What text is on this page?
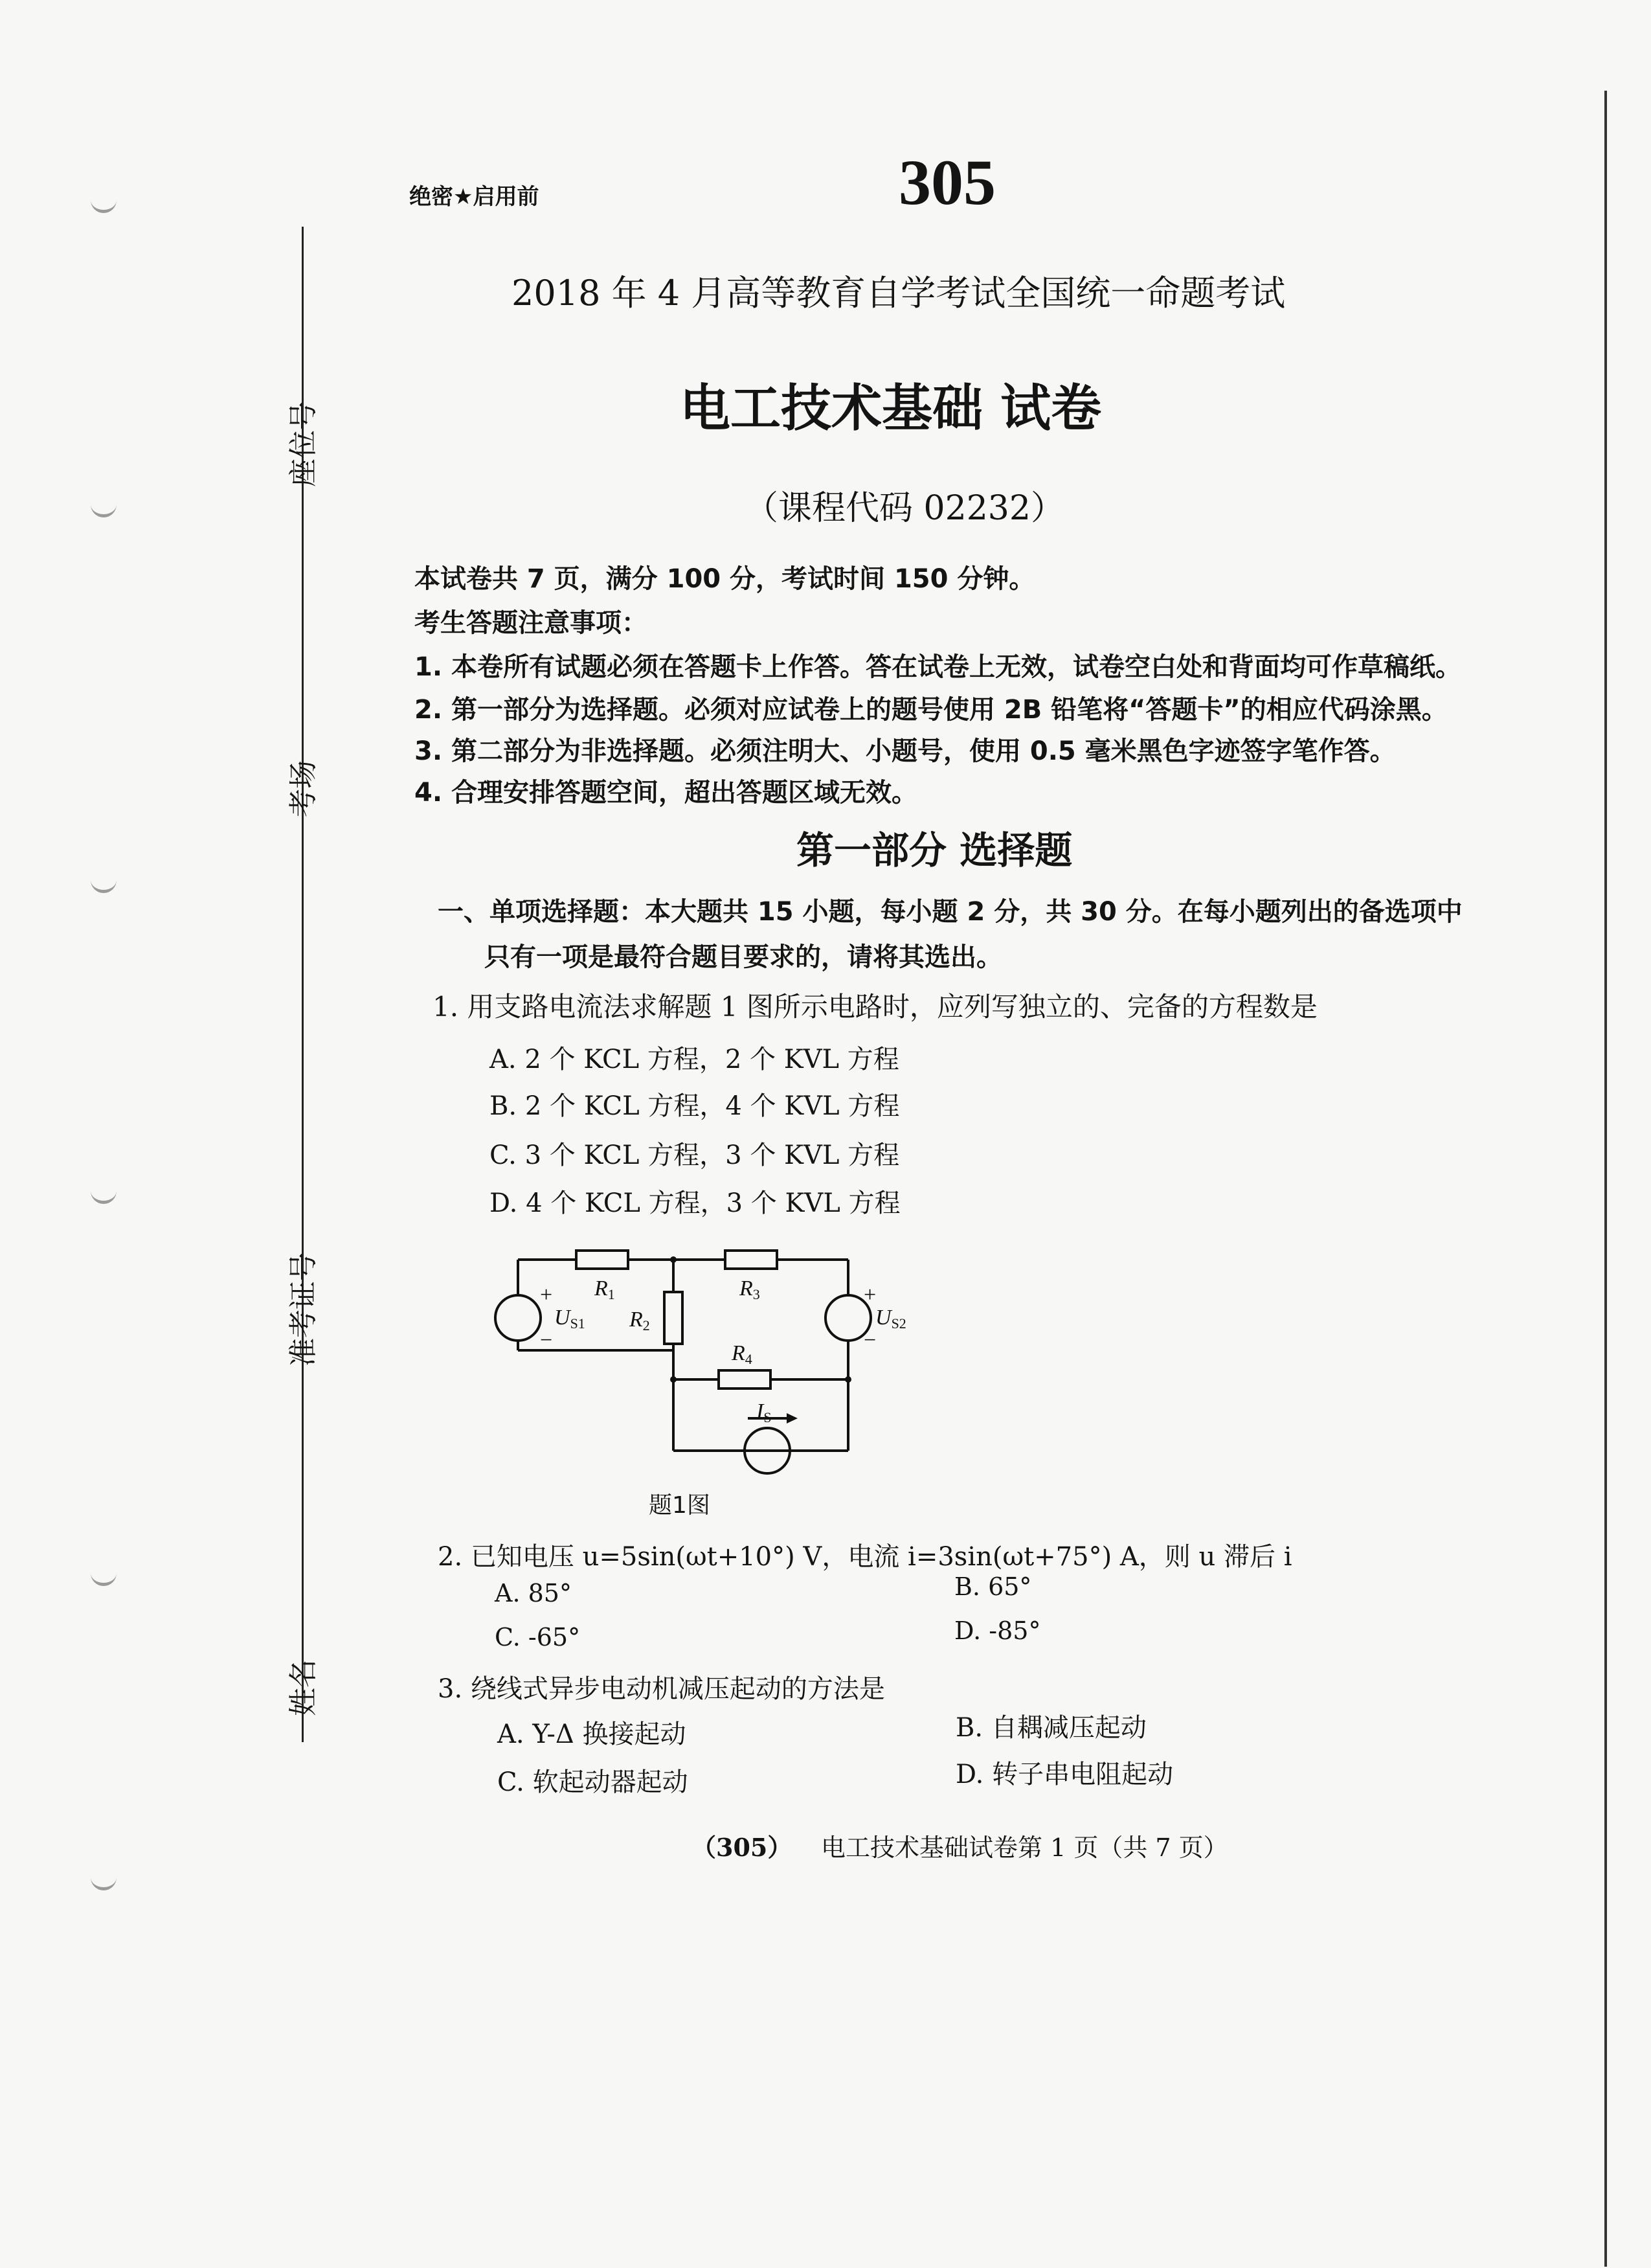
座位号
考场
准考证号
姓名
绝密★启用前	305
2018 年 4 月高等教育自学考试全国统一命题考试
电工技术基础 试卷
（课程代码 02232）
本试卷共 7 页，满分 100 分，考试时间 150 分钟。
考生答题注意事项：
1. 本卷所有试题必须在答题卡上作答。答在试卷上无效，试卷空白处和背面均可作草稿纸。
2. 第一部分为选择题。必须对应试卷上的题号使用 2B 铅笔将“答题卡”的相应代码涂黑。
3. 第二部分为非选择题。必须注明大、小题号，使用 0.5 毫米黑色字迹签字笔作答。
4. 合理安排答题空间，超出答题区域无效。
第一部分 选择题
一、单项选择题：本大题共 15 小题，每小题 2 分，共 30 分。在每小题列出的备选项中
只有一项是最符合题目要求的，请将其选出。
1. 用支路电流法求解题 1 图所示电路时，应列写独立的、完备的方程数是
A. 2 个 KCL 方程，2 个 KVL 方程
B. 2 个 KCL 方程，4 个 KVL 方程
C. 3 个 KCL 方程，3 个 KVL 方程
D. 4 个 KCL 方程，3 个 KVL 方程
R1	R3
R2
R4
US1	US2
IS
+
−
+
−
题1图
2. 已知电压 u=5sin(ωt+10°) V，电流 i=3sin(ωt+75°) A，则 u 滞后 i
A. 85°	B. 65°
C. -65°	D. -85°
3. 绕线式异步电动机减压起动的方法是
A. Y-Δ 换接起动	B. 自耦减压起动
C. 软起动器起动	D. 转子串电阻起动
（305） 电工技术基础试卷第 1 页（共 7 页）
